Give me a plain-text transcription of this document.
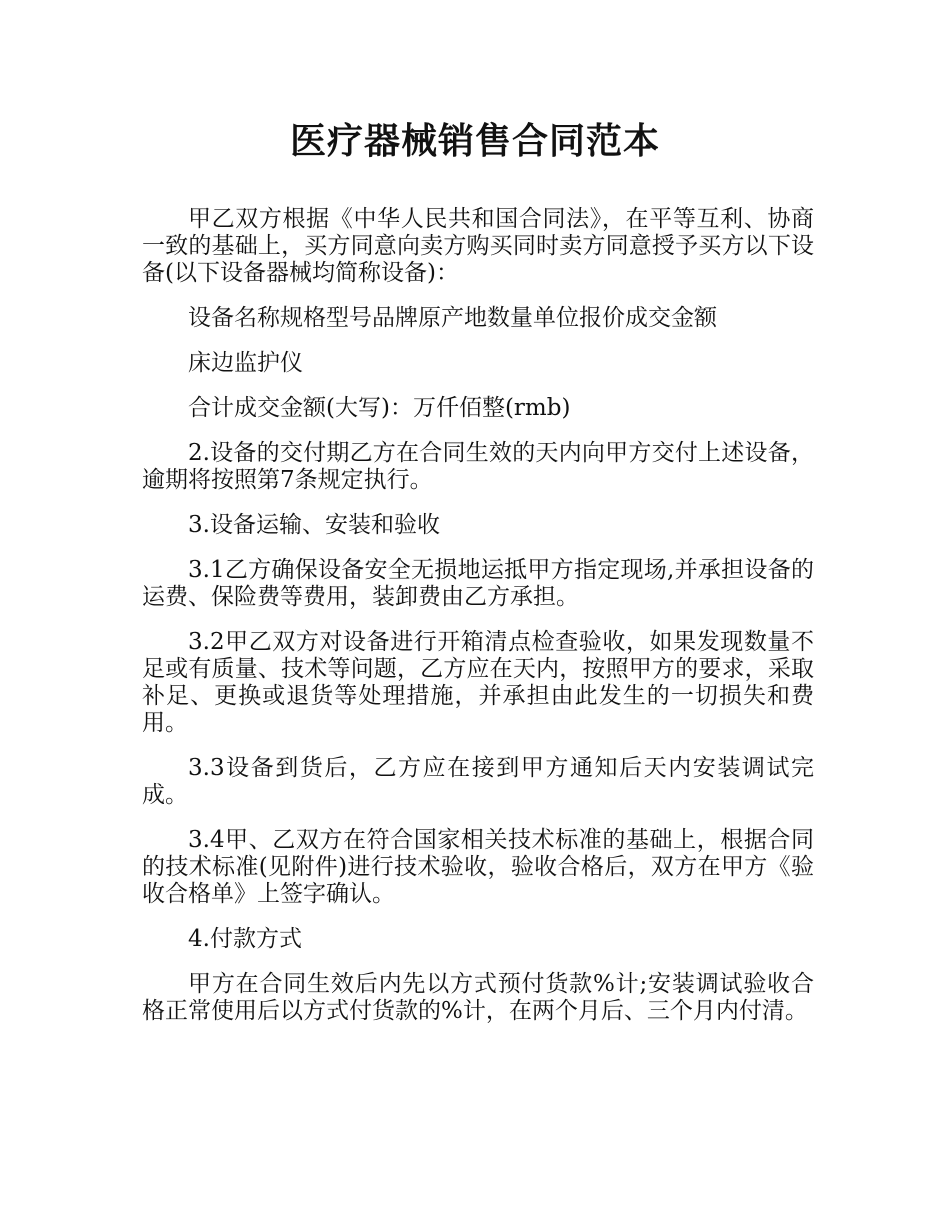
医疗器械销售合同范本

甲乙双方根据《中华人民共和国合同法》，在平等互利、协商一致的基础上，买方同意向卖方购买同时卖方同意授予买方以下设备(以下设备器械均简称设备)：

设备名称规格型号品牌原产地数量单位报价成交金额

床边监护仪

合计成交金额(大写)：万仟佰整(rmb)

2.设备的交付期乙方在合同生效的天内向甲方交付上述设备，逾期将按照第7条规定执行。

3.设备运输、安装和验收

3.1乙方确保设备安全无损地运抵甲方指定现场,并承担设备的运费、保险费等费用，装卸费由乙方承担。

3.2甲乙双方对设备进行开箱清点检查验收，如果发现数量不足或有质量、技术等问题，乙方应在天内，按照甲方的要求，采取补足、更换或退货等处理措施，并承担由此发生的一切损失和费用。

3.3设备到货后，乙方应在接到甲方通知后天内安装调试完成。

3.4甲、乙双方在符合国家相关技术标准的基础上，根据合同的技术标准(见附件)进行技术验收，验收合格后，双方在甲方《验收合格单》上签字确认。

4.付款方式

甲方在合同生效后内先以方式预付货款%计;安装调试验收合格正常使用后以方式付货款的%计，在两个月后、三个月内付清。
